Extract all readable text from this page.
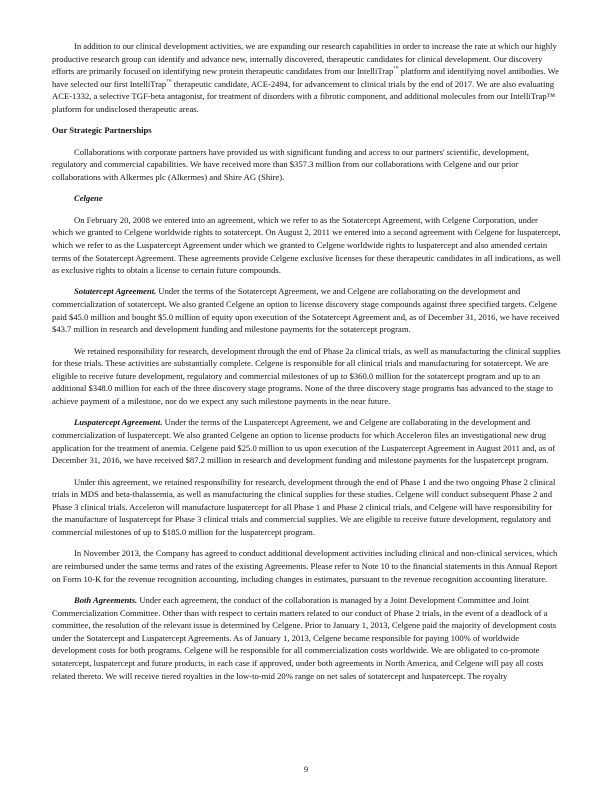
In addition to our clinical development activities, we are expanding our research capabilities in order to increase the rate at which our highly productive research group can identify and advance new, internally discovered, therapeutic candidates for clinical development. Our discovery efforts are primarily focused on identifying new protein therapeutic candidates from our IntelliTrap™ platform and identifying novel antibodies. We have selected our first IntelliTrap™ therapeutic candidate, ACE-2494, for advancement to clinical trials by the end of 2017. We are also evaluating ACE-1332, a selective TGF-beta antagonist, for treatment of disorders with a fibrotic component, and additional molecules from our IntelliTrap™ platform for undisclosed therapeutic areas.

Our Strategic Partnerships

Collaborations with corporate partners have provided us with significant funding and access to our partners' scientific, development, regulatory and commercial capabilities. We have received more than $357.3 million from our collaborations with Celgene and our prior collaborations with Alkermes plc (Alkermes) and Shire AG (Shire).

Celgene

On February 20, 2008 we entered into an agreement, which we refer to as the Sotatercept Agreement, with Celgene Corporation, under which we granted to Celgene worldwide rights to sotatercept. On August 2, 2011 we entered into a second agreement with Celgene for luspatercept, which we refer to as the Luspatercept Agreement under which we granted to Celgene worldwide rights to luspatercept and also amended certain terms of the Sotatercept Agreement. These agreements provide Celgene exclusive licenses for these therapeutic candidates in all indications, as well as exclusive rights to obtain a license to certain future compounds.

Sotatercept Agreement. Under the terms of the Sotatercept Agreement, we and Celgene are collaborating on the development and commercialization of sotatercept. We also granted Celgene an option to license discovery stage compounds against three specified targets. Celgene paid $45.0 million and bought $5.0 million of equity upon execution of the Sotatercept Agreement and, as of December 31, 2016, we have received $43.7 million in research and development funding and milestone payments for the sotatercept program.

We retained responsibility for research, development through the end of Phase 2a clinical trials, as well as manufacturing the clinical supplies for these trials. These activities are substantially complete. Celgene is responsible for all clinical trials and manufacturing for sotatercept. We are eligible to receive future development, regulatory and commercial milestones of up to $360.0 million for the sotatercept program and up to an additional $348.0 million for each of the three discovery stage programs. None of the three discovery stage programs has advanced to the stage to achieve payment of a milestone, nor do we expect any such milestone payments in the near future.

Luspatercept Agreement. Under the terms of the Luspatercept Agreement, we and Celgene are collaborating in the development and commercialization of luspatercept. We also granted Celgene an option to license products for which Acceleron files an investigational new drug application for the treatment of anemia. Celgene paid $25.0 million to us upon execution of the Luspatercept Agreement in August 2011 and, as of December 31, 2016, we have received $87.2 million in research and development funding and milestone payments for the luspatercept program.

Under this agreement, we retained responsibility for research, development through the end of Phase 1 and the two ongoing Phase 2 clinical trials in MDS and beta-thalassemia, as well as manufacturing the clinical supplies for these studies. Celgene will conduct subsequent Phase 2 and Phase 3 clinical trials. Acceleron will manufacture luspatercept for all Phase 1 and Phase 2 clinical trials, and Celgene will have responsibility for the manufacture of luspatercept for Phase 3 clinical trials and commercial supplies. We are eligible to receive future development, regulatory and commercial milestones of up to $185.0 million for the luspatercept program.

In November 2013, the Company has agreed to conduct additional development activities including clinical and non-clinical services, which are reimbursed under the same terms and rates of the existing Agreements. Please refer to Note 10 to the financial statements in this Annual Report on Form 10-K for the revenue recognition accounting, including changes in estimates, pursuant to the revenue recognition accounting literature.

Both Agreements. Under each agreement, the conduct of the collaboration is managed by a Joint Development Committee and Joint Commercialization Committee. Other than with respect to certain matters related to our conduct of Phase 2 trials, in the event of a deadlock of a committee, the resolution of the relevant issue is determined by Celgene. Prior to January 1, 2013, Celgene paid the majority of development costs under the Sotatercept and Luspatercept Agreements. As of January 1, 2013, Celgene became responsible for paying 100% of worldwide development costs for both programs. Celgene will be responsible for all commercialization costs worldwide. We are obligated to co-promote sotatercept, luspatercept and future products, in each case if approved, under both agreements in North America, and Celgene will pay all costs related thereto. We will receive tiered royalties in the low-to-mid 20% range on net sales of sotatercept and luspatercept. The royalty

9
